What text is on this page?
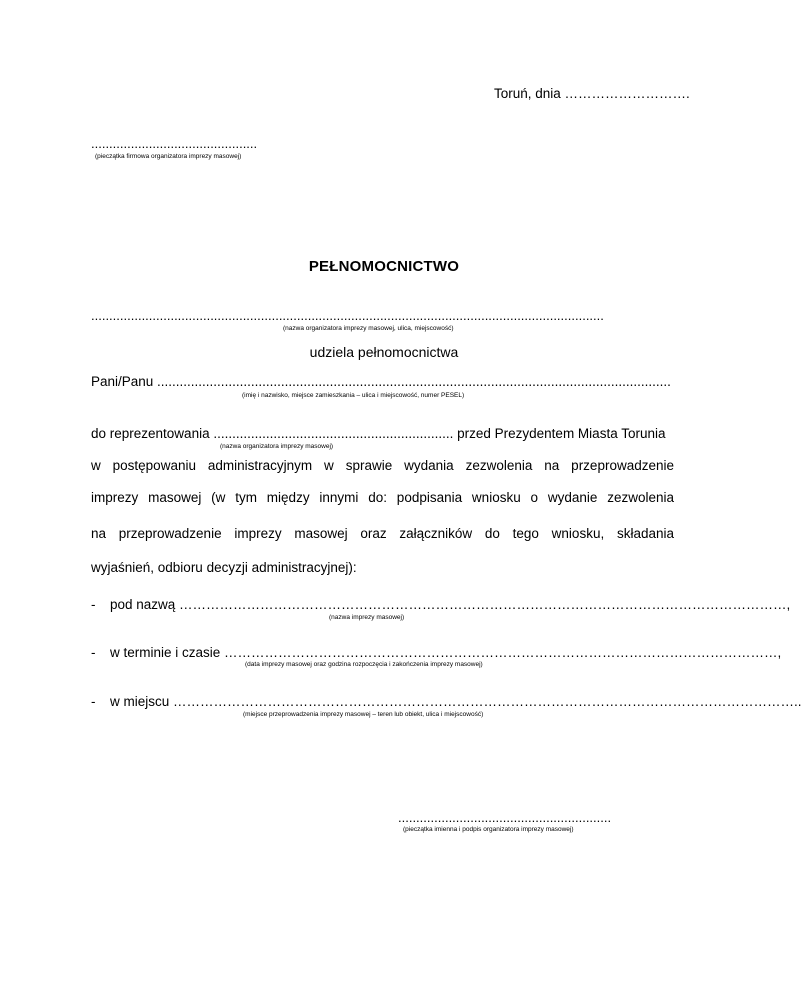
Toruń, dnia ……………………….
..............................................
(pieczątka firmowa organizatora imprezy masowej)
PEŁNOMOCNICTWO
..............................................................................................................................................
(nazwa organizatora imprezy masowej, ulica, miejscowość)
udziela pełnomocnictwa
Pani/Panu .........................................................................................................................................
(imię i nazwisko, miejsce zamieszkania – ulica i miejscowość, numer PESEL)
do reprezentowania ................................................................ przed Prezydentem Miasta Torunia
(nazwa organizatora imprezy masowej)
w postępowaniu administracyjnym w sprawie wydania zezwolenia na przeprowadzenie
imprezy masowej (w tym między innymi do: podpisania wniosku o wydanie zezwolenia
na przeprowadzenie imprezy masowej oraz załączników do tego wniosku, składania
wyjaśnień, odbioru decyzji administracyjnej):
- pod nazwą ………………………………………………………………………………………………………………………,
(nazwa imprezy masowej)
- w terminie i czasie ……………………………………………………………………………………………………………,
(data imprezy masowej oraz godzina rozpoczęcia i zakończenia imprezy masowej)
- w miejscu …………………………………………………………………………………………………………………………..
(miejsce przeprowadzenia imprezy masowej – teren lub obiekt, ulica i miejscowość)
...........................................................
(pieczątka imienna i podpis organizatora imprezy masowej)
